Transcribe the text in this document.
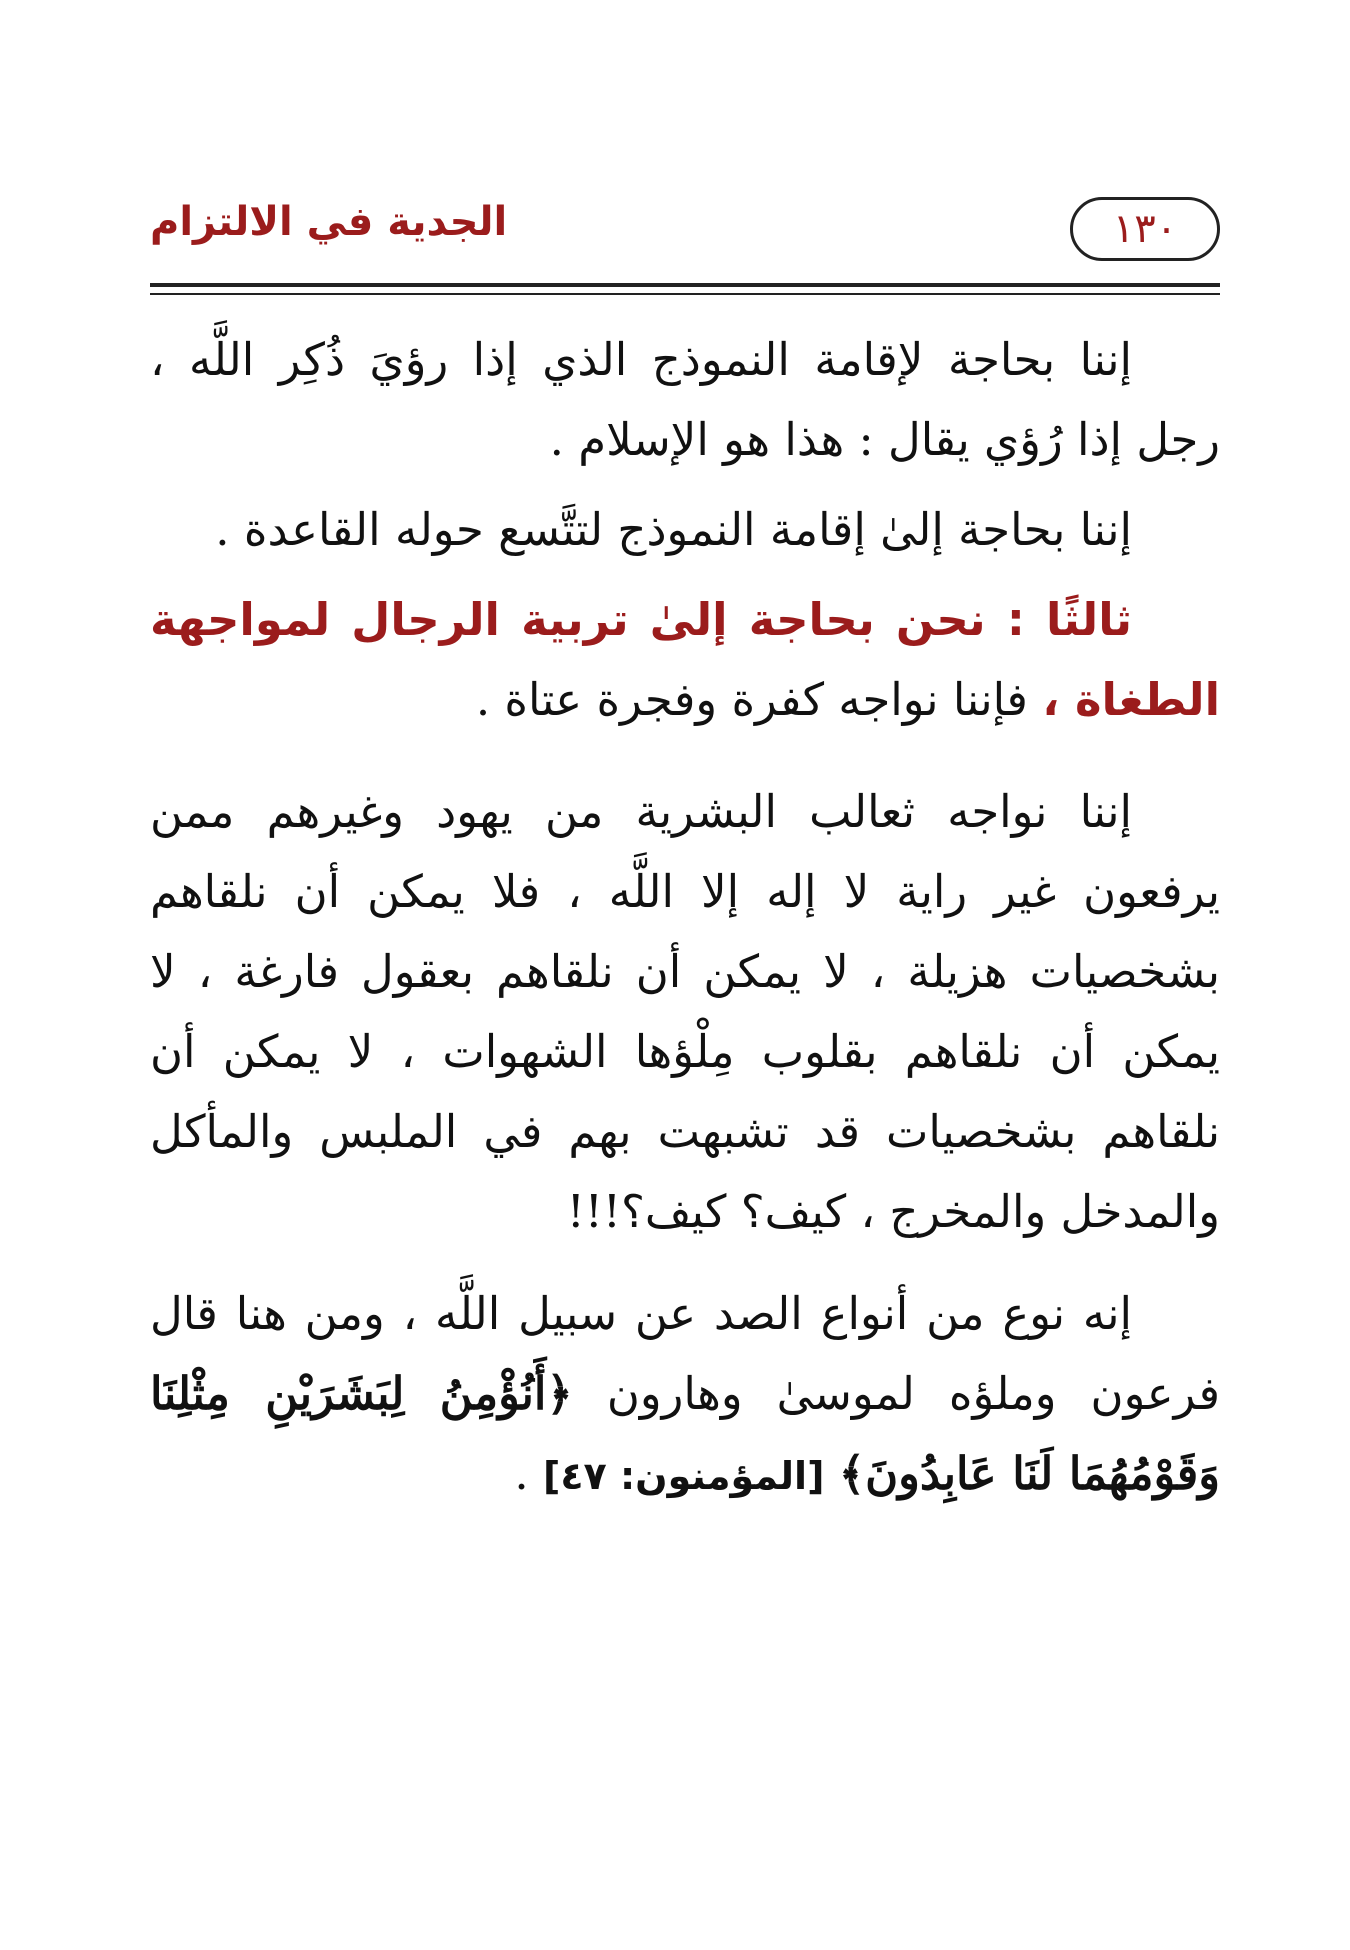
الجدية في الالتزام	١٣٠

إننا بحاجة لإقامة النموذج الذي إذا رؤيَ ذُكِر اللَّه ، رجل إذا رُؤي يقال : هذا هو الإسلام .

إننا بحاجة إلىٰ إقامة النموذج لتتَّسع حوله القاعدة .

ثالثًا : نحن بحاجة إلىٰ تربية الرجال لمواجهة الطغاة ، فإننا نواجه كفرة وفجرة عتاة .

إننا نواجه ثعالب البشرية من يهود وغيرهم ممن يرفعون غير راية لا إله إلا اللَّه ، فلا يمكن أن نلقاهم بشخصيات هزيلة ، لا يمكن أن نلقاهم بعقول فارغة ، لا يمكن أن نلقاهم بقلوب مِلْؤها الشهوات ، لا يمكن أن نلقاهم بشخصيات قد تشبهت بهم في الملبس والمأكل والمدخل والمخرج ، كيف؟ كيف؟!!!

إنه نوع من أنواع الصد عن سبيل اللَّه ، ومن هنا قال فرعون وملؤه لموسىٰ وهارون ﴿أَنُؤْمِنُ لِبَشَرَيْنِ مِثْلِنَا وَقَوْمُهُمَا لَنَا عَابِدُونَ﴾ [المؤمنون: ٤٧] .
